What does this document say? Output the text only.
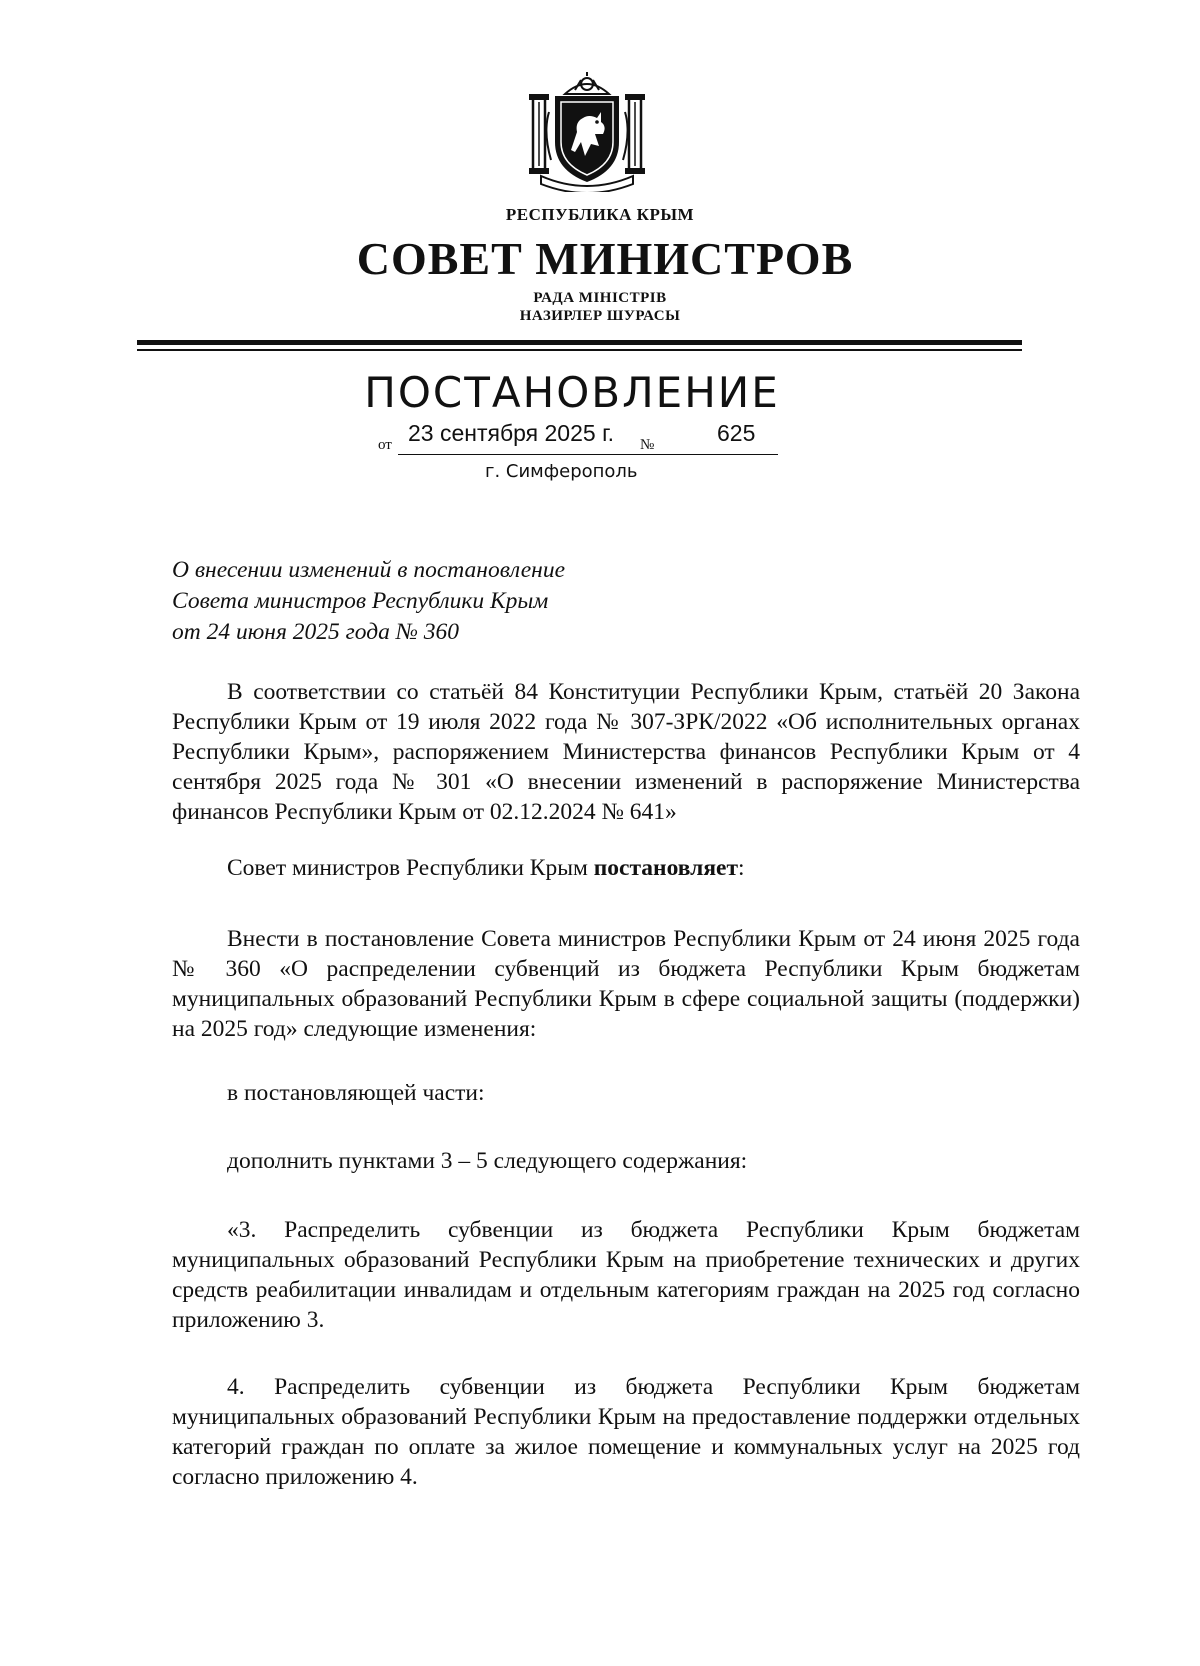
РЕСПУБЛИКА КРЫМ
СОВЕТ МИНИСТРОВ
РАДА МІНІСТРІВ
НАЗИРЛЕР ШУРАСЫ
ПОСТАНОВЛЕНИЕ
от 23 сентября 2025 г. №	625
г. Симферополь
О внесении изменений в постановление
Совета министров Республики Крым
от 24 июня 2025 года № 360

В соответствии со статьёй 84 Конституции Республики Крым, статьёй 20 Закона Республики Крым от 19 июля 2022 года № 307-ЗРК/2022 «Об исполнительных органах Республики Крым», распоряжением Министерства финансов Республики Крым от 4 сентября 2025 года № 301 «О внесении изменений в распоряжение Министерства финансов Республики Крым от 02.12.2024 № 641»

Совет министров Республики Крым постановляет:

Внести в постановление Совета министров Республики Крым от 24 июня 2025 года № 360 «О распределении субвенций из бюджета Республики Крым бюджетам муниципальных образований Республики Крым в сфере социальной защиты (поддержки) на 2025 год» следующие изменения:

в постановляющей части:

дополнить пунктами 3 – 5 следующего содержания:

«3. Распределить субвенции из бюджета Республики Крым бюджетам муниципальных образований Республики Крым на приобретение технических и других средств реабилитации инвалидам и отдельным категориям граждан на 2025 год согласно приложению 3.

4. Распределить субвенции из бюджета Республики Крым бюджетам муниципальных образований Республики Крым на предоставление поддержки отдельных категорий граждан по оплате за жилое помещение и коммунальных услуг на 2025 год согласно приложению 4.
